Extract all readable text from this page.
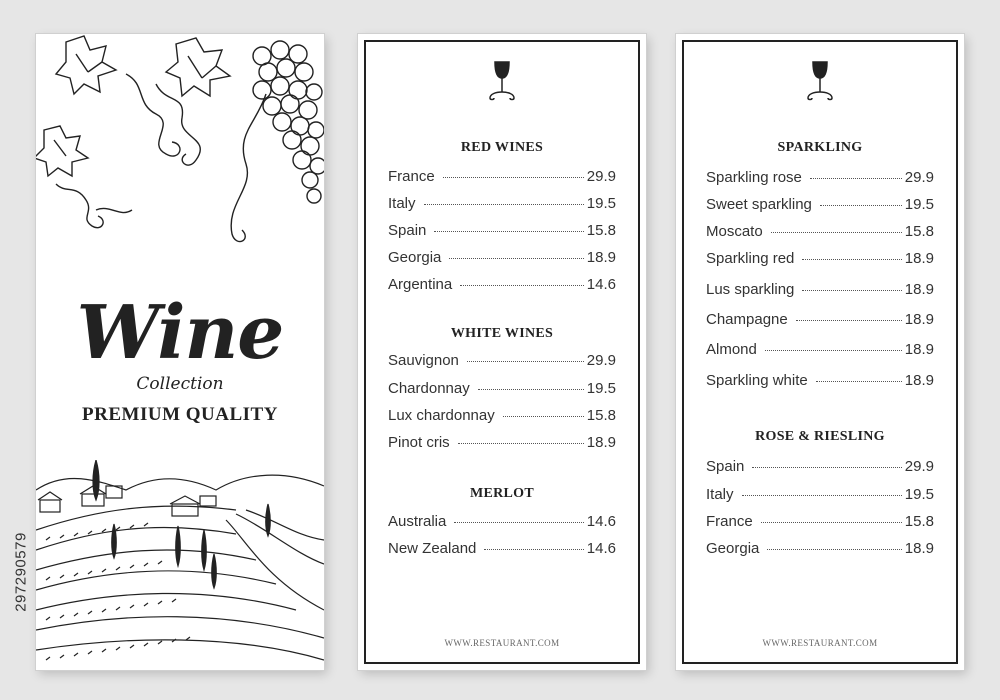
297290579
Wine
Collection
PREMIUM QUALITY
RED WINES
France	29.9
Italy	19.5
Spain	15.8
Georgia	18.9
Argentina	14.6
WHITE WINES
Sauvignon	29.9
Chardonnay	19.5
Lux chardonnay	15.8
Pinot cris	18.9
MERLOT
Australia	14.6
New Zealand	14.6
WWW.RESTAURANT.COM
SPARKLING
Sparkling rose	29.9
Sweet sparkling	19.5
Moscato	15.8
Sparkling red	18.9
Lus sparkling	18.9
Champagne	18.9
Almond	18.9
Sparkling white	18.9
ROSE & RIESLING
Spain	29.9
Italy	19.5
France	15.8
Georgia	18.9
WWW.RESTAURANT.COM
